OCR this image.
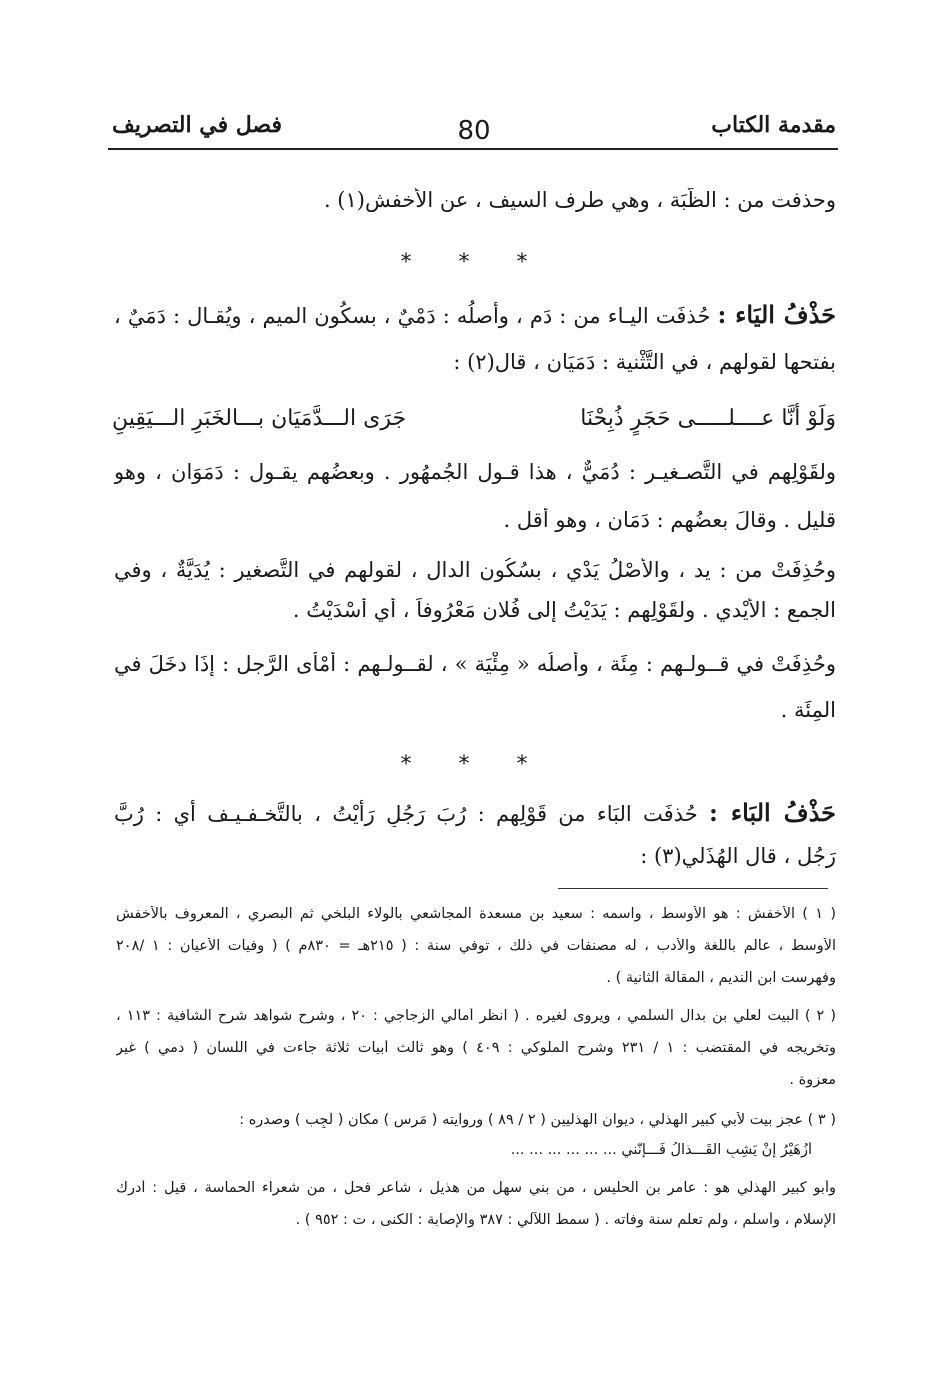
مقدمة الكتاب
80
فصل في التصريف
وحذفت من : الظُّبَة ، وهي طرف السيف ، عن الأخفش(١) .
* * *
حَذْفُ اليَاء : حُذفَت اليـاء من : دَم ، وأصلُه : دَمْيٌ ، بسكُون الميم ، ويُقـال : دَمَيٌ ،
بفتحها لقولهم ، في التَّثْنية : دَمَيَان ، قال(٢) :
وَلَوْ أنَّا عــــلـــــى حَجَرٍ ذُبِحْنَا
جَرَى الـــدَّمَيَان بـــالخَبَرِ الـــيَقِينِ
ولقَوْلِهم في التَّصـغيـر : دُمَيٌّ ، هذا قـول الجُمهُور . وبعضُهم يقـول : دَمَوَان ، وهو
قليل . وقالَ بعضُهم : دَمَان ، وهو أقل .
وحُذِفَتْ من : يد ، والأَصْلُ يَدْي ، بسُكُون الدال ، لقولهم في التَّصغير : يُدَيَّةٌ ، وفي
الجمع : الأَيْدي . ولقَوْلِهم : يَدَيْتُ إلى فُلان مَعْرُوفاً ، أي أَسْدَيْتُ .
وحُذِفَتْ في قــولـهم : مِئَة ، وأصلُه « مِئْيَة » ، لقــولـهم : أَمْأَى الرَّجل : إذَا دخَلَ في
المِئَة .
* * *
حَذْفُ البَاء : حُذفَت البَاء من قَوْلِهم : رُبَ رَجُلٍ رَأيْتُ ، بالتَّخـفـيـف أي : رُبَّ
رَجُلٍ ، قال الهُذَلي(٣) :
( ١ ) الأخفش : هو الأوسط ، واسمه : سعيد بن مسعدة المجاشعي بالولاء البلخي ثم البصري ، المعروف بالأخفش
الأوسط ، عالم باللغة والأدب ، له مصنفات في ذلك ، توفي سنة : ( ٢١٥هـ = ٨٣٠م ) ( وفيات الأعيان : ١ /٢٠٨
وفهرست ابن النديم ، المقالة الثانية ) .
( ٢ ) البيت لعلي بن بدال السلمي ، ويروى لغيره . ( انظر أمالي الزجاجي : ٢٠ ، وشرح شواهد شرح الشافية : ١١٣ ،
وتخريجه في المقتضب : ١ / ٢٣١ وشرح الملوكي : ٤٠٩ ) وهو ثالث أبيات ثلاثة جاءت في اللسان ( دمي ) غير
معزوة .
( ٣ ) عجز بيت لأبي كبير الهذلي ، ديوان الهذليين ( ٢ / ٨٩ ) وروايته ( مَرِس ) مكان ( لَجِب ) وصدره :
أزُهَيْرُ إنْ يَشِبِ القَـــذالُ فَـــإنَّني ... ... ... ... ... ...
وأبو كبير الهذلي هو : عامر بن الحليس ، من بني سهل من هذيل ، شاعر فحل ، من شعراء الحماسة ، قيل : أدرك
الإسلام ، وأسلم ، ولم تعلم سنة وفاته . ( سمط اللآلي : ٣٨٧ والإصابة : الكنى ، ت : ٩٥٢ ) .
